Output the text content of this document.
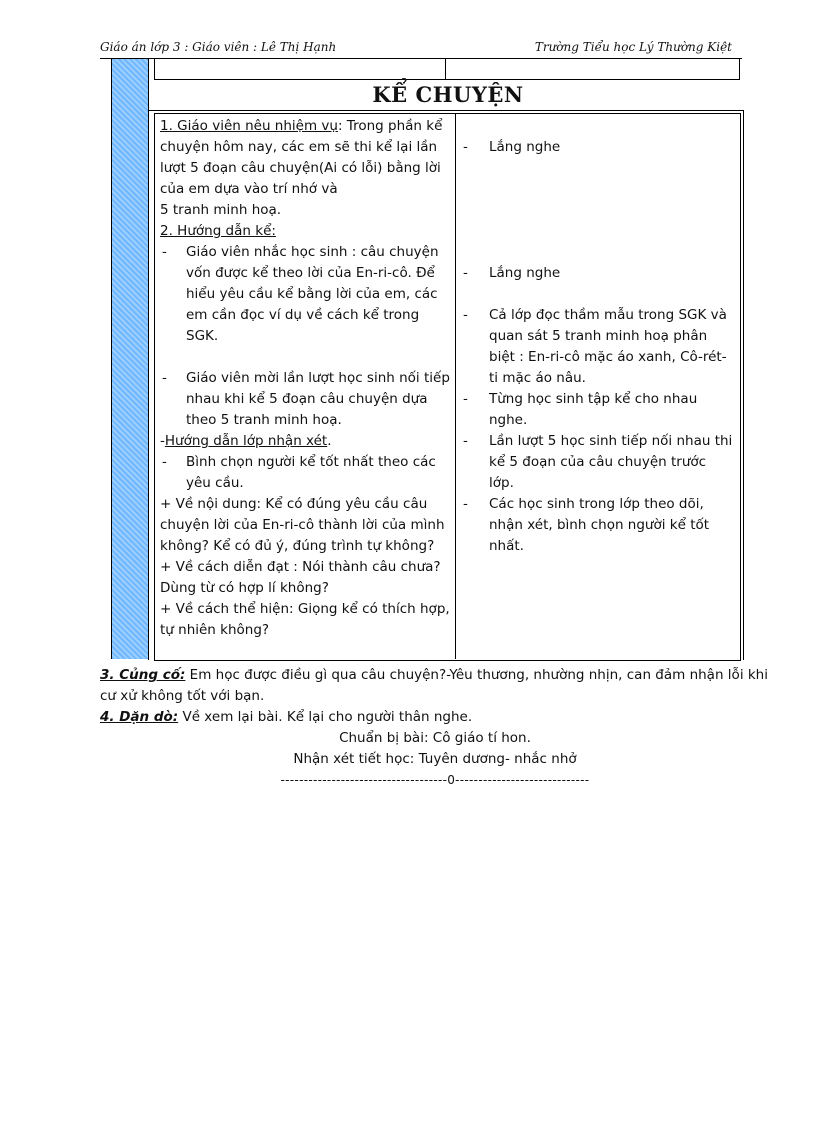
Giáo án lớp 3 : Giáo viên : Lê Thị Hạnh	Trường Tiểu học Lý Thường Kiệt
KỂ CHUYỆN

1. Giáo viên nêu nhiệm vụ: Trong phần kể chuyện hôm nay, các em sẽ thi kể lại lần lượt 5 đoạn câu chuyện(Ai có lỗi) bằng lời của em dựa vào trí nhớ và

5 tranh minh hoạ.

2. Hướng dẫn kể:

- Giáo viên nhắc học sinh : câu chuyện vốn được kể theo lời của En-ri-cô. Để hiểu yêu cầu kể bằng lời của em, các em cần đọc ví dụ về cách kể trong SGK.

- Giáo viên mời lần lượt học sinh nối tiếp nhau khi kể 5 đoạn câu chuyện dựa theo 5 tranh minh hoạ.

-Hướng dẫn lớp nhận xét.

- Bình chọn người kể tốt nhất theo các yêu cầu.

+ Về nội dung: Kể có đúng yêu cầu câu chuyện lời của En-ri-cô thành lời của mình không? Kể có đủ ý, đúng trình tự không?

+ Về cách diễn đạt : Nói thành câu chưa? Dùng từ có hợp lí không?

+ Về cách thể hiện: Giọng kể có thích hợp, tự nhiên không?

- Lắng nghe

- Lắng nghe

- Cả lớp đọc thầm mẫu trong SGK và quan sát 5 tranh minh hoạ phân biệt : En-ri-cô mặc áo xanh, Cô-rét-ti mặc áo nâu.

- Từng học sinh tập kể cho nhau nghe.

- Lần lượt 5 học sinh tiếp nối nhau thi kể 5 đoạn của câu chuyện trước lớp.

- Các học sinh trong lớp theo dõi, nhận xét, bình chọn người kể tốt nhất.

3. Củng cố: Em học được điều gì qua câu chuyện?-Yêu thương, nhường nhịn, can đảm nhận lỗi khi cư xử không tốt với bạn.

4. Dặn dò: Về xem lại bài. Kể lại cho người thân nghe.

Chuẩn bị bài: Cô giáo tí hon.

Nhận xét tiết học: Tuyên dương- nhắc nhở

------------------------------------0-----------------------------
